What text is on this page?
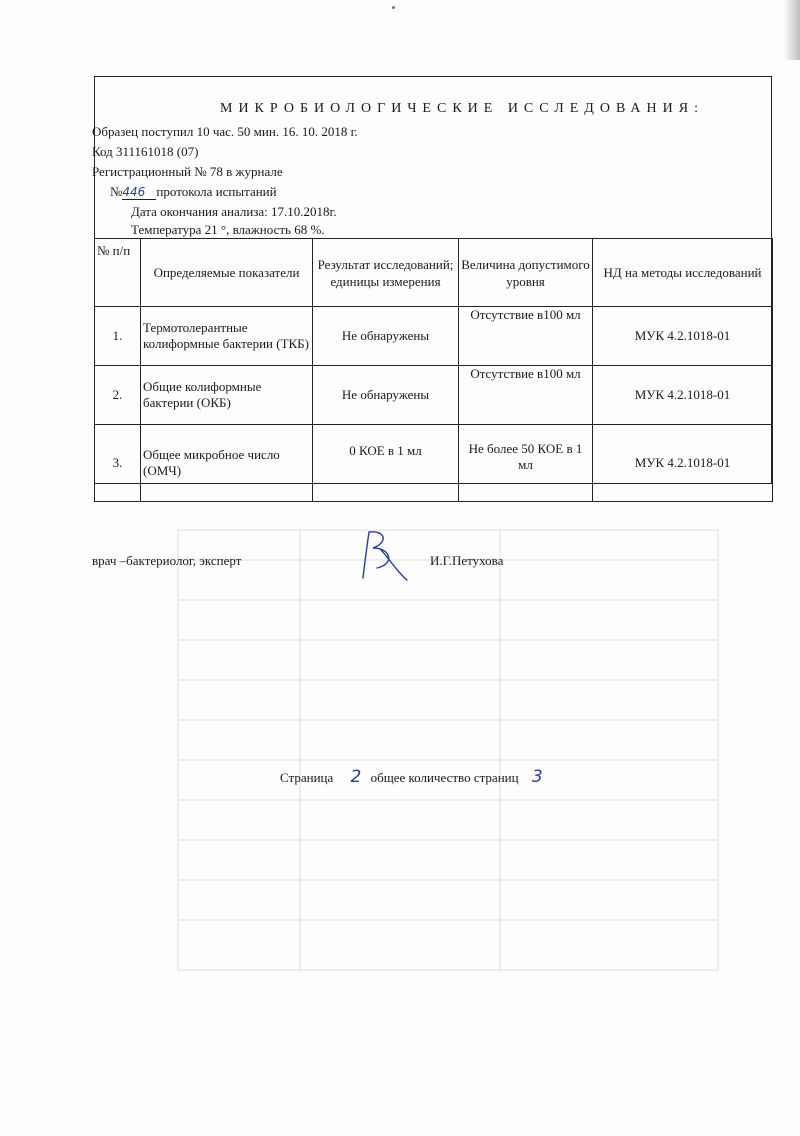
МИКРОБИОЛОГИЧЕСКИЕ ИССЛЕДОВАНИЯ:
Образец поступил 10 час. 50 мин. 16. 10. 2018 г.
Код 311161018 (07)
Регистрационный № 78 в журнале
№446 протокола испытаний
Дата окончания анализа: 17.10.2018г.
Температура 21 °, влажность 68 %.
№ п/п	Определяемые показатели	Результат исследований; единицы измерения	Величина допустимого уровня	НД на методы исследований
1.	Термотолерантные колиформные бактерии (ТКБ)	Не обнаружены	Отсутствие в100 мл	МУК 4.2.1018-01
2.	Общие колиформные бактерии (ОКБ)	Не обнаружены	Отсутствие в100 мл	МУК 4.2.1018-01
3.	Общее микробное число (ОМЧ)	0 КОЕ в 1 мл	Не более 50 КОЕ в 1 мл	МУК 4.2.1018-01
врач –бактериолог, эксперт	И.Г.Петухова
Страница 2 общее количество страниц 3
